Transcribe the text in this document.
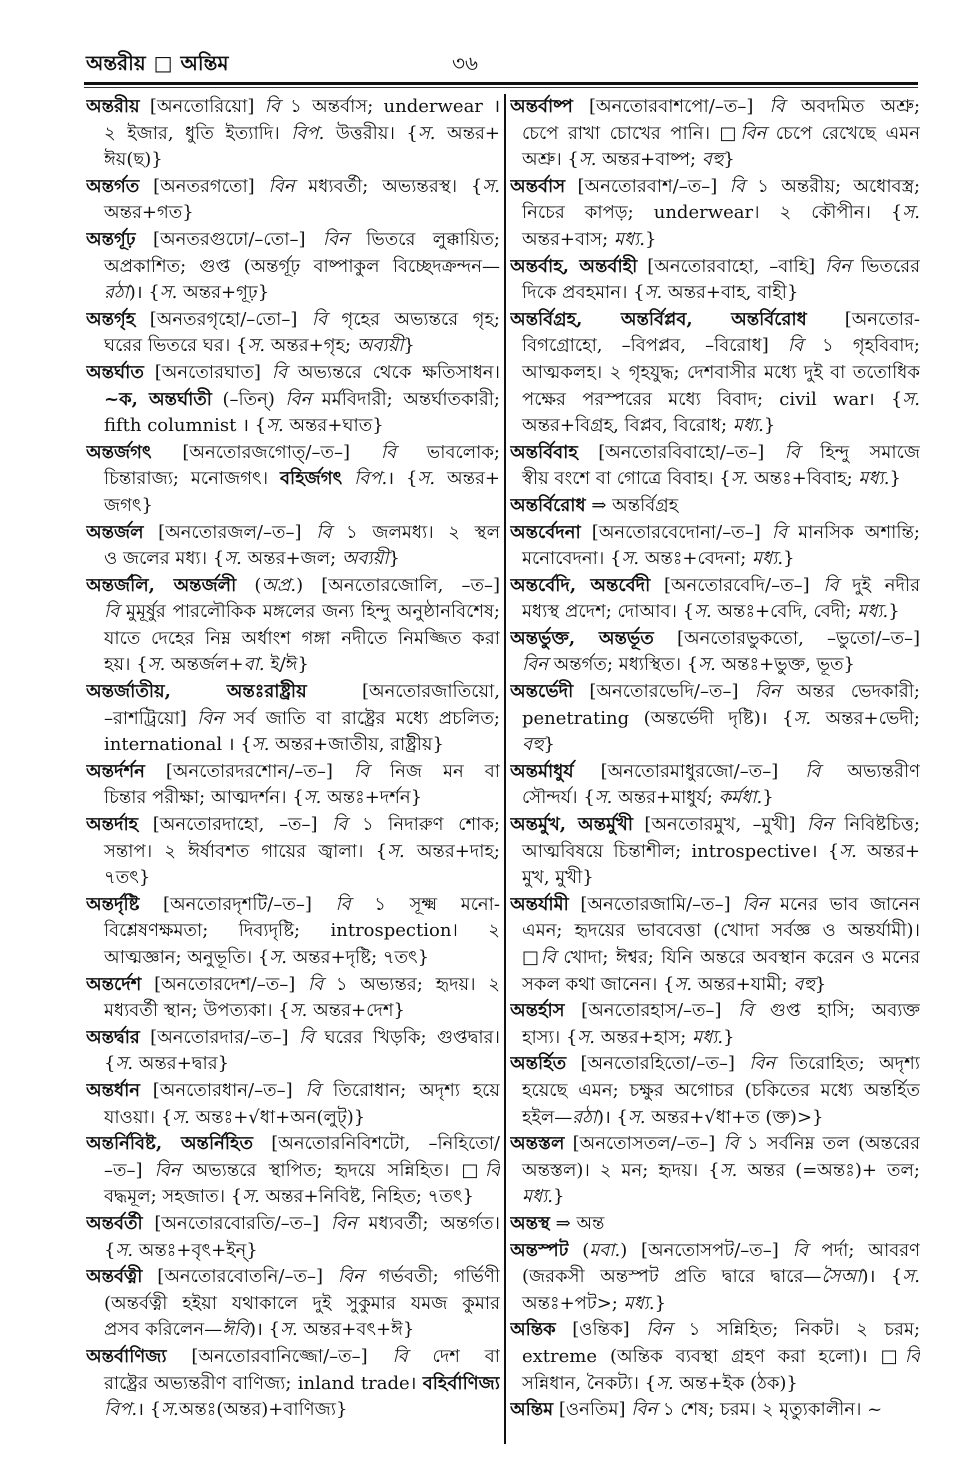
অন্তরীয় □ অন্তিম	৩৬
অন্তরীয় [অনতোরিয়ো] বি ১ অন্তর্বাস; underwear ।
২ ইজার, ধুতি ইত্যাদি। বিপ. উত্তরীয়। {স. অন্তর+
ঈয়(ছ)}
অন্তর্গত [অনতরগতো] বিন মধ্যবর্তী; অভ্যন্তরস্থ। {স.
অন্তর+গত}
অন্তর্গূঢ় [অনতরগুঢো/–তো–] বিন ভিতরে লুক্কায়িত;
অপ্রকাশিত; গুপ্ত (অন্তর্গূঢ় বাষ্পাকুল বিচ্ছেদক্রন্দন—
রঠা)। {স. অন্তর+গূঢ়}
অন্তর্গৃহ [অনতরগৃহো/–তো–] বি গৃহের অভ্যন্তরে গৃহ;
ঘরের ভিতরে ঘর। {স. অন্তর+গৃহ; অব্যয়ী}
অন্তর্ঘাত [অনতোরঘাত] বি অভ্যন্তরে থেকে ক্ষতিসাধন।
~ক, অন্তর্ঘাতী (–তিন্) বিন মর্মবিদারী; অন্তর্ঘাতকারী;
fifth columnist । {স. অন্তর+ঘাত}
অন্তর্জগৎ [অনতোরজগোত্/–ত–] বি ভাবলোক;
চিন্তারাজ্য; মনোজগৎ। বহির্জগৎ বিপ.। {স. অন্তর+
জগৎ}
অন্তর্জল [অনতোরজল/–ত–] বি ১ জলমধ্য। ২ স্থল
ও জলের মধ্য। {স. অন্তর+জল; অব্যয়ী}
অন্তর্জলি, অন্তর্জলী (অপ্র.) [অনতোরজোলি, –ত–]
বি মুমূর্ষুর পারলৌকিক মঙ্গলের জন্য হিন্দু অনুষ্ঠানবিশেষ;
যাতে দেহের নিম্ন অর্ধাংশ গঙ্গা নদীতে নিমজ্জিত করা
হয়। {স. অন্তর্জল+বা. ই/ঈ}
অন্তর্জাতীয়, অন্তঃরাষ্ট্রীয় [অনতোরজাতিয়ো,
–রাশট্রিয়ো] বিন সর্ব জাতি বা রাষ্ট্রের মধ্যে প্রচলিত;
international । {স. অন্তর+জাতীয়, রাষ্ট্রীয়}
অন্তর্দর্শন [অনতোরদরশোন/–ত–] বি নিজ মন বা
চিন্তার পরীক্ষা; আত্মদর্শন। {স. অন্তঃ+দর্শন}
অন্তর্দাহ [অনতোরদাহো, –ত–] বি ১ নিদারুণ শোক;
সন্তাপ। ২ ঈর্ষাবশত গায়ের জ্বালা। {স. অন্তর+দাহ;
৭তৎ}
অন্তর্দৃষ্টি [অনতোরদৃশটি/–ত–] বি ১ সূক্ষ্ম মনো-
বিশ্লেষণক্ষমতা; দিব্যদৃষ্টি; introspection। ২
আত্মজ্ঞান; অনুভূতি। {স. অন্তর+দৃষ্টি; ৭তৎ}
অন্তর্দেশ [অনতোরদেশ/–ত–] বি ১ অভ্যন্তর; হৃদয়। ২
মধ্যবর্তী স্থান; উপত্যকা। {স. অন্তর+দেশ}
অন্তর্দ্বার [অনতোরদার/–ত–] বি ঘরের খিড়কি; গুপ্তদ্বার।
{স. অন্তর+দ্বার}
অন্তর্ধান [অনতোরধান/–ত–] বি তিরোধান; অদৃশ্য হয়ে
যাওয়া। {স. অন্তঃ+√ধা+অন(লুট্)}
অন্তর্নিবিষ্ট, অন্তর্নিহিত [অনতোরনিবিশটো, –নিহিতো/
–ত–] বিন অভ্যন্তরে স্থাপিত; হৃদয়ে সন্নিহিত। □বি
বদ্ধমূল; সহজাত। {স. অন্তর+নিবিষ্ট, নিহিত; ৭তৎ}
অন্তর্বর্তী [অনতোরবোরতি/–ত–] বিন মধ্যবর্তী; অন্তর্গত।
{স. অন্তঃ+বৃৎ+ইন্}
অন্তর্বত্নী [অনতোরবোতনি/–ত–] বিন গর্ভবতী; গর্ভিণী
(অন্তর্বত্নী হইয়া যথাকালে দুই সুকুমার যমজ কুমার
প্রসব করিলেন—ঈবি)। {স. অন্তর+বৎ+ঈ}
অন্তর্বাণিজ্য [অনতোরবানিজ্জো/–ত–] বি দেশ বা
রাষ্ট্রের অভ্যন্তরীণ বাণিজ্য; inland trade। বহির্বাণিজ্য
বিপ.। {স.অন্তঃ(অন্তর)+বাণিজ্য}
অন্তর্বাষ্প [অনতোরবাশপো/–ত–] বি অবদমিত অশ্রু;
চেপে রাখা চোখের পানি। □বিন চেপে রেখেছে এমন
অশ্রু। {স. অন্তর+বাষ্প; বহু}
অন্তর্বাস [অনতোরবাশ/–ত–] বি ১ অন্তরীয়; অধোবস্ত্র;
নিচের কাপড়; underwear। ২ কৌপীন। {স.
অন্তর+বাস; মধ্য.}
অন্তর্বাহ, অন্তর্বাহী [অনতোরবাহো, –বাহি] বিন ভিতরের
দিকে প্রবহমান। {স. অন্তর+বাহ, বাহী}
অন্তর্বিগ্রহ, অন্তর্বিপ্লব, অন্তর্বিরোধ [অনতোর-
বিগগ্রোহো, –বিপপ্লব, –বিরোধ] বি ১ গৃহবিবাদ;
আত্মকলহ। ২ গৃহযুদ্ধ; দেশবাসীর মধ্যে দুই বা ততোধিক
পক্ষের পরস্পরের মধ্যে বিবাদ; civil war। {স.
অন্তর+বিগ্রহ, বিপ্লব, বিরোধ; মধ্য.}
অন্তর্বিবাহ [অনতোরবিবাহো/–ত–] বি হিন্দু সমাজে
স্বীয় বংশে বা গোত্রে বিবাহ। {স. অন্তঃ+বিবাহ; মধ্য.}
অন্তর্বিরোধ ⇒ অন্তর্বিগ্রহ
অন্তর্বেদনা [অনতোরবেদোনা/–ত–] বি মানসিক অশান্তি;
মনোবেদনা। {স. অন্তঃ+বেদনা; মধ্য.}
অন্তর্বেদি, অন্তর্বেদী [অনতোরবেদি/–ত–] বি দুই নদীর
মধ্যস্থ প্রদেশ; দোআব। {স. অন্তঃ+বেদি, বেদী; মধ্য.}
অন্তর্ভুক্ত, অন্তর্ভূত [অনতোরভুকতো, –ভুতো/–ত–]
বিন অন্তর্গত; মধ্যস্থিত। {স. অন্তঃ+ভুক্ত, ভূত}
অন্তর্ভেদী [অনতোরভেদি/–ত–] বিন অন্তর ভেদকারী;
penetrating (অন্তর্ভেদী দৃষ্টি)। {স. অন্তর+ভেদী;
বহু}
অন্তর্মাধুর্য [অনতোরমাধুরজো/–ত–] বি অভ্যন্তরীণ
সৌন্দর্য। {স. অন্তর+মাধুর্য; কর্মধা.}
অন্তর্মুখ, অন্তর্মুখী [অনতোরমুখ, –মুখী] বিন নিবিষ্টচিত্ত;
আত্মবিষয়ে চিন্তাশীল; introspective। {স. অন্তর+
মুখ, মুখী}
অন্তর্যামী [অনতোরজামি/–ত–] বিন মনের ভাব জানেন
এমন; হৃদয়ের ভাববেত্তা (খোদা সর্বজ্ঞ ও অন্তর্যামী)।
□বি খোদা; ঈশ্বর; যিনি অন্তরে অবস্থান করেন ও মনের
সকল কথা জানেন। {স. অন্তর+যামী; বহু}
অন্তর্হাস [অনতোরহাস/–ত–] বি গুপ্ত হাসি; অব্যক্ত
হাস্য। {স. অন্তর+হাস; মধ্য.}
অন্তর্হিত [অনতোরহিতো/–ত–] বিন তিরোহিত; অদৃশ্য
হয়েছে এমন; চক্ষুর অগোচর (চকিতের মধ্যে অন্তর্হিত
হইল—রঠা)। {স. অন্তর+√ধা+ত (ক্ত)>}
অন্তস্তল [অনতোসতল/–ত–] বি ১ সর্বনিম্ন তল (অন্তরের
অন্তস্তল)। ২ মন; হৃদয়। {স. অন্তর (=অন্তঃ)+ তল;
মধ্য.}
অন্তস্থ ⇒ অন্ত
অন্তস্পট (মবা.) [অনতোসপট/–ত–] বি পর্দা; আবরণ
(জরকসী অন্তস্পট প্রতি দ্বারে দ্বারে—সৈআ)। {স.
অন্তঃ+পট>; মধ্য.}
অন্তিক [ওন্তিক] বিন ১ সন্নিহিত; নিকট। ২ চরম;
extreme (অন্তিক ব্যবস্থা গ্রহণ করা হলো)। □বি
সন্নিধান, নৈকট্য। {স. অন্ত+ইক (ঠক)}
অন্তিম [ওনতিম] বিন ১ শেষ; চরম। ২ মৃত্যুকালীন। ~
